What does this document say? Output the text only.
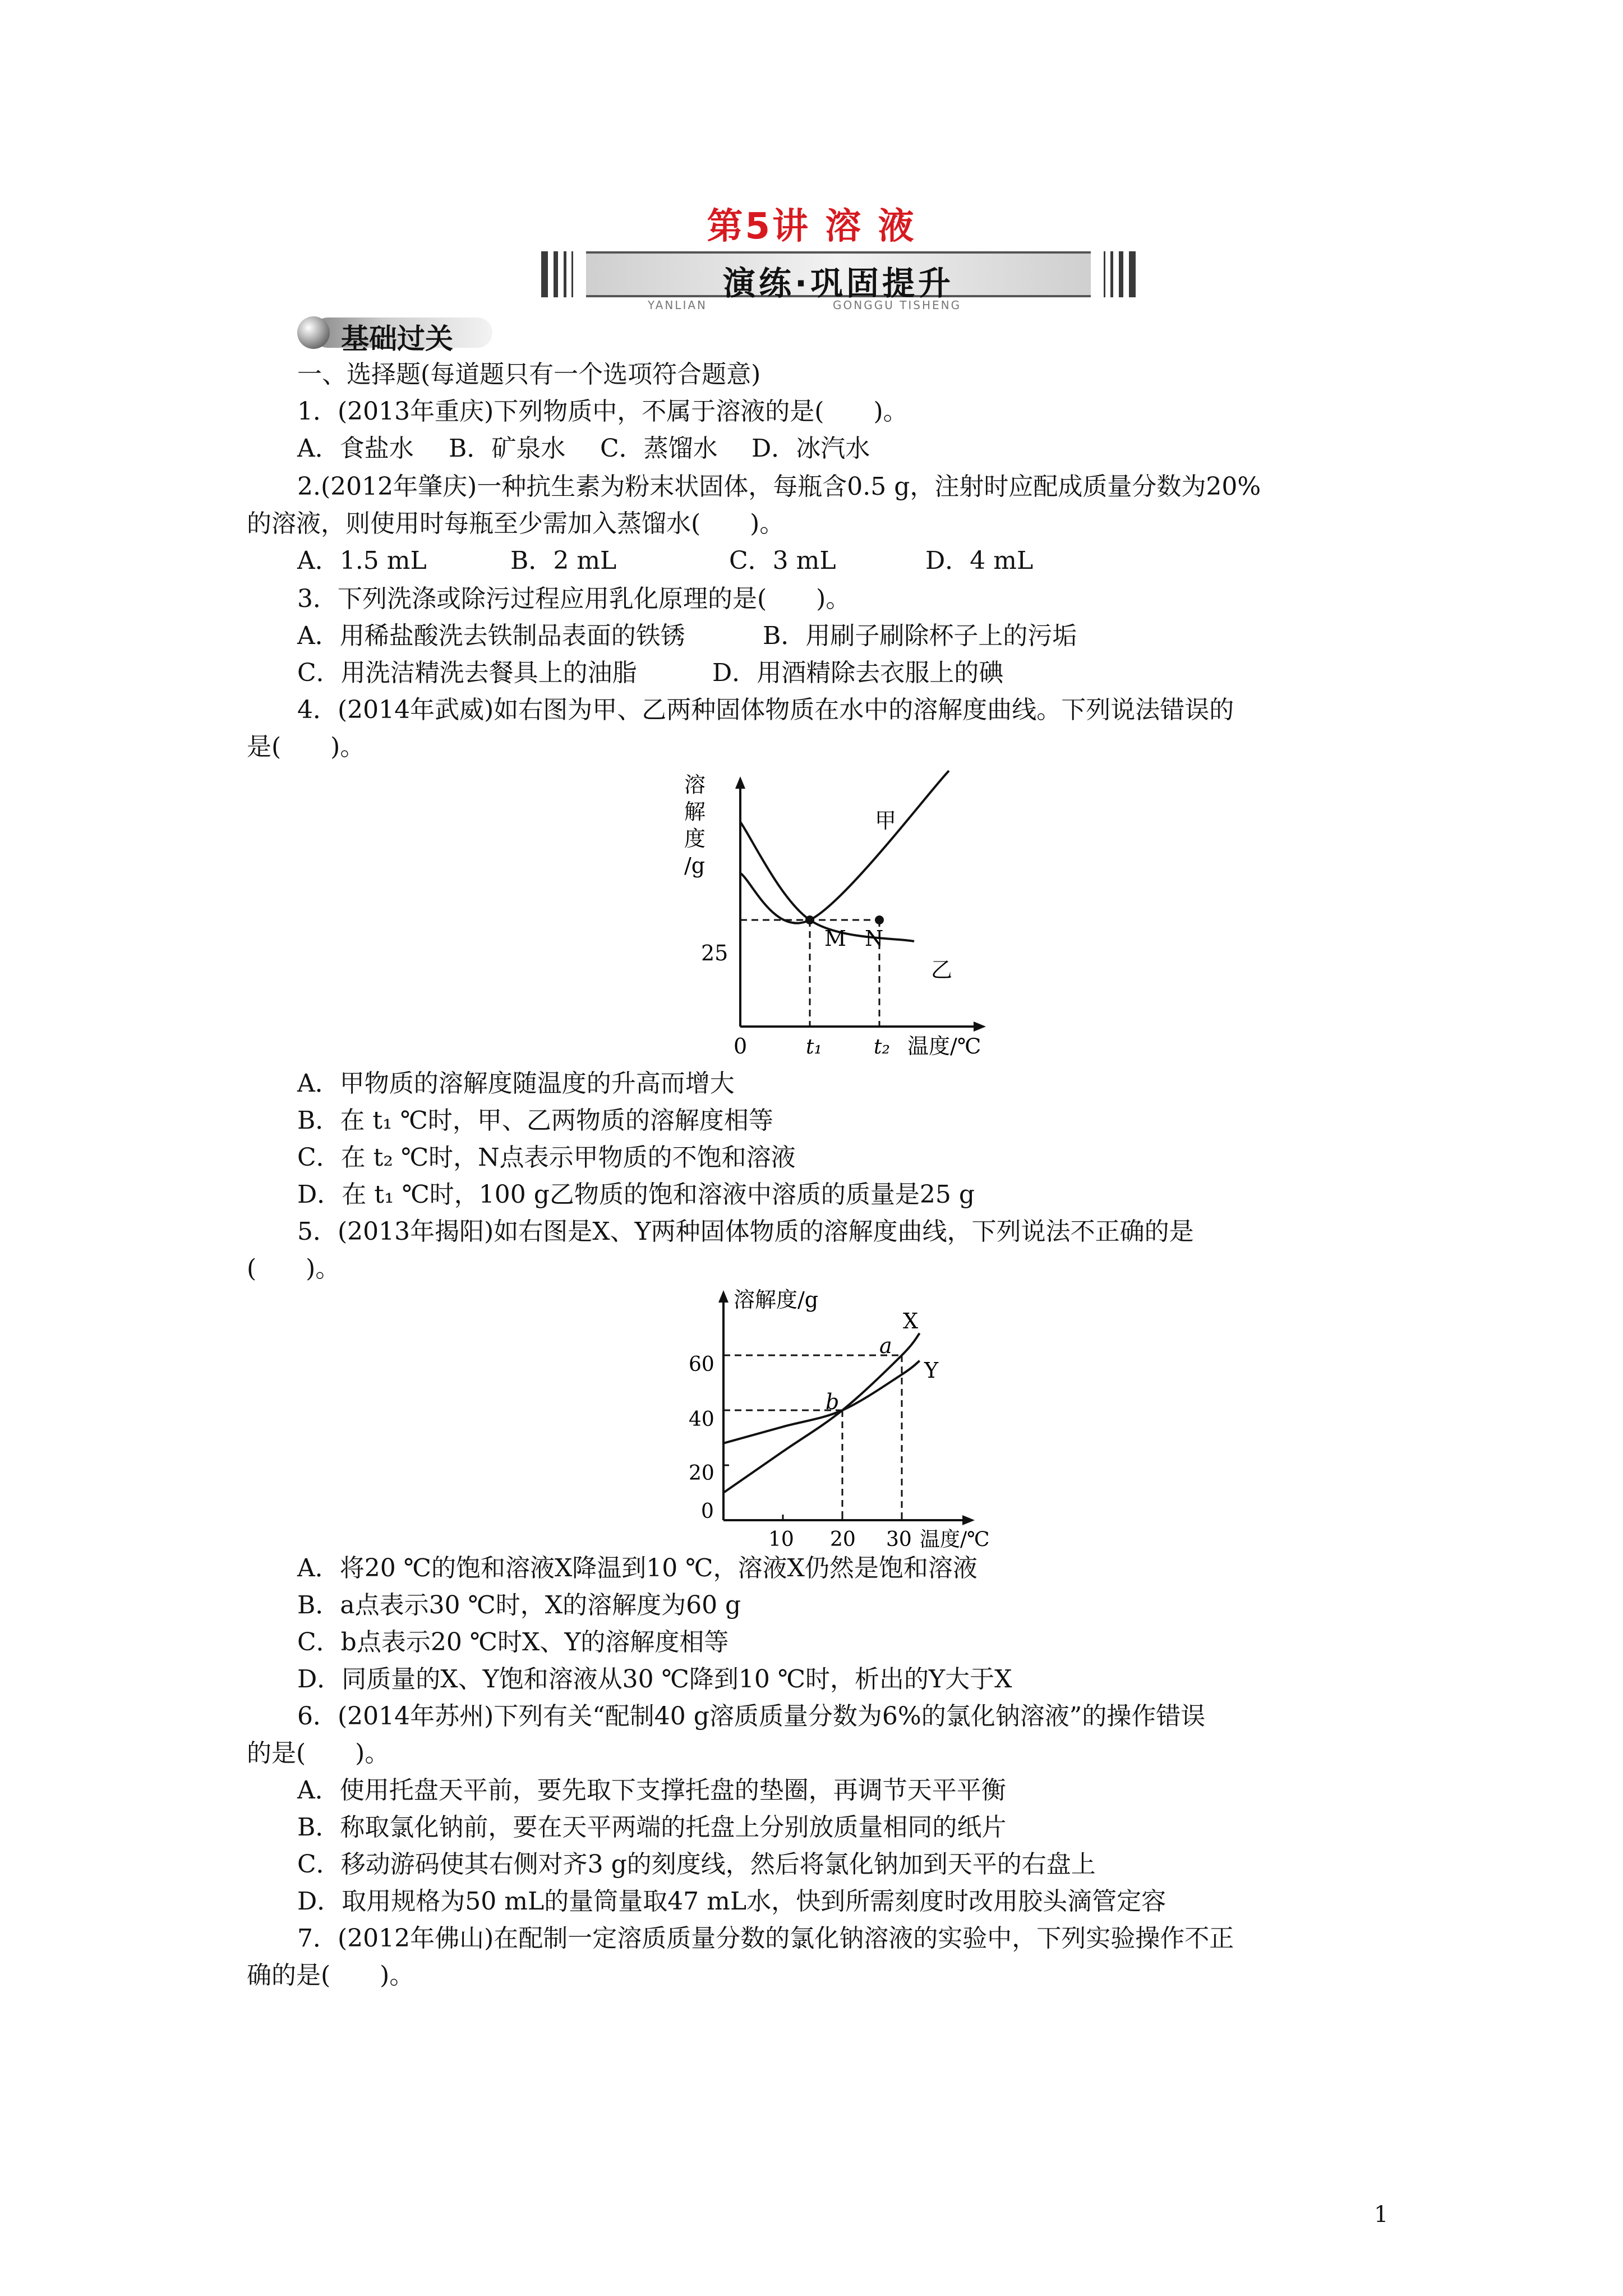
第5讲 溶 液
演练·巩固提升
YANLIAN	GONGGU TISHENG
基础过关
一、选择题(每道题只有一个选项符合题意)
1．(2013年重庆)下列物质中，不属于溶液的是(　　)。
A．食盐水 B．矿泉水 C．蒸馏水 D．冰汽水
2.(2012年肇庆)一种抗生素为粉末状固体，每瓶含0.5 g，注射时应配成质量分数为20%
的溶液，则使用时每瓶至少需加入蒸馏水(　　)。
A．1.5 mL	B．2 mL	C．3 mL	D．4 mL
3．下列洗涤或除污过程应用乳化原理的是(　　)。
A．用稀盐酸洗去铁制品表面的铁锈	B．用刷子刷除杯子上的污垢
C．用洗洁精洗去餐具上的油脂	D．用酒精除去衣服上的碘
4．(2014年武威)如右图为甲、乙两种固体物质在水中的溶解度曲线。下列说法错误的
是(　　)。
溶
解
度
/g
M N
甲
乙
25
0	t₁	t₂ 温度/℃
A．甲物质的溶解度随温度的升高而增大
B．在 t₁ ℃时，甲、乙两物质的溶解度相等
C．在 t₂ ℃时，N点表示甲物质的不饱和溶液
D．在 t₁ ℃时，100 g乙物质的饱和溶液中溶质的质量是25 g
5．(2013年揭阳)如右图是X、Y两种固体物质的溶解度曲线，下列说法不正确的是
(　　)。
溶解度/g
a
b
X
Y
60
40
20
0
10 20 30 温度/℃
A．将20 ℃的饱和溶液X降温到10 ℃，溶液X仍然是饱和溶液
B．a点表示30 ℃时，X的溶解度为60 g
C．b点表示20 ℃时X、Y的溶解度相等
D．同质量的X、Y饱和溶液从30 ℃降到10 ℃时，析出的Y大于X
6．(2014年苏州)下列有关“配制40 g溶质质量分数为6%的氯化钠溶液”的操作错误
的是(　　)。
A．使用托盘天平前，要先取下支撑托盘的垫圈，再调节天平平衡
B．称取氯化钠前，要在天平两端的托盘上分别放质量相同的纸片
C．移动游码使其右侧对齐3 g的刻度线，然后将氯化钠加到天平的右盘上
D．取用规格为50 mL的量筒量取47 mL水，快到所需刻度时改用胶头滴管定容
7．(2012年佛山)在配制一定溶质质量分数的氯化钠溶液的实验中，下列实验操作不正
确的是(　　)。
1
